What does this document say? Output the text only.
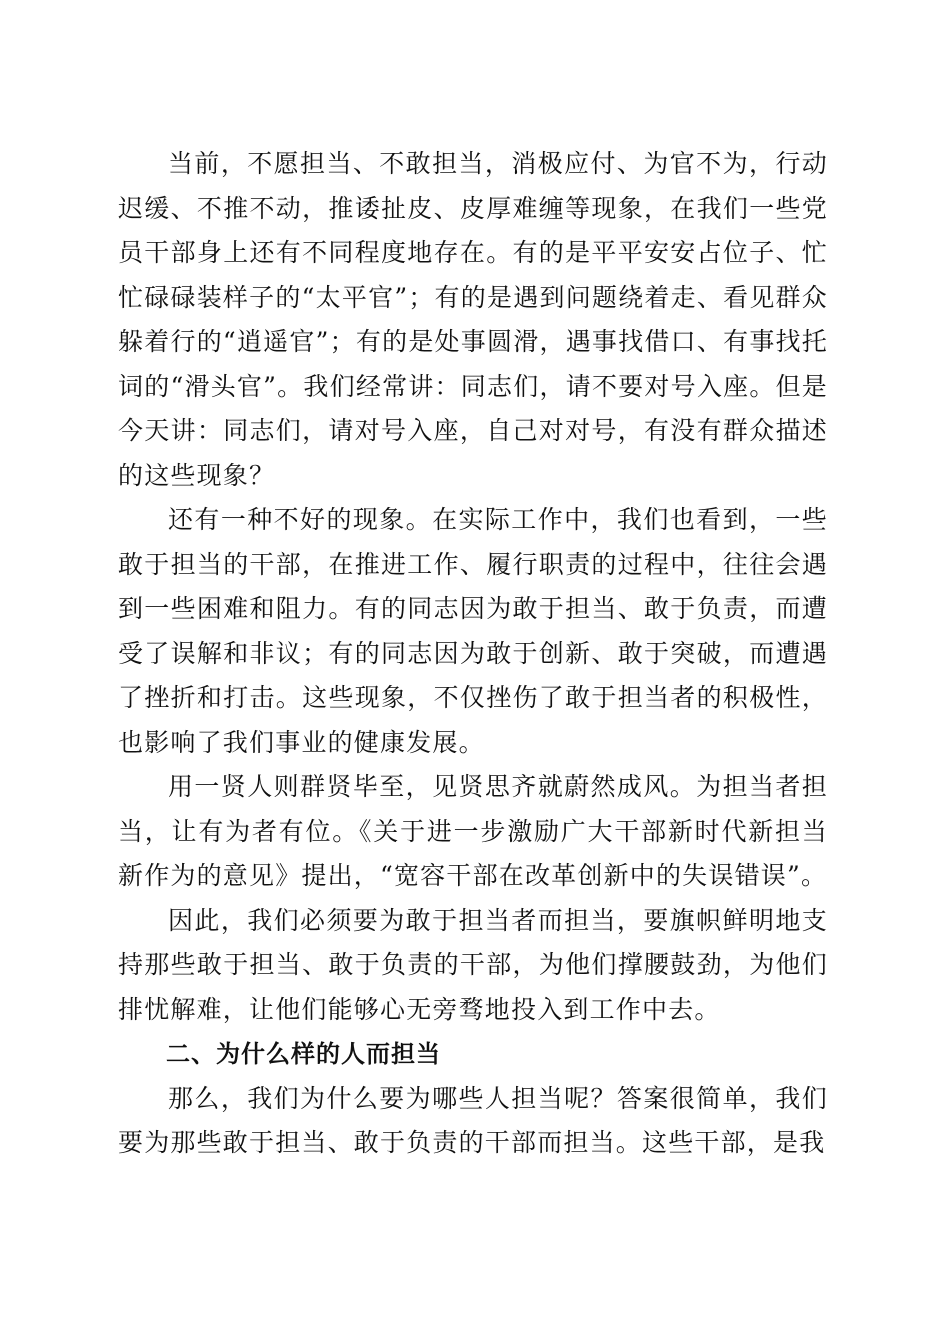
当前，不愿担当、不敢担当，消极应付、为官不为，行动迟缓、不推不动，推诿扯皮、皮厚难缠等现象，在我们一些党员干部身上还有不同程度地存在。有的是平平安安占位子、忙忙碌碌装样子的“太平官”；有的是遇到问题绕着走、看见群众躲着行的“逍遥官”；有的是处事圆滑，遇事找借口、有事找托词的“滑头官”。我们经常讲：同志们，请不要对号入座。但是今天讲：同志们，请对号入座，自己对对号，有没有群众描述的这些现象？

还有一种不好的现象。在实际工作中，我们也看到，一些敢于担当的干部，在推进工作、履行职责的过程中，往往会遇到一些困难和阻力。有的同志因为敢于担当、敢于负责，而遭受了误解和非议；有的同志因为敢于创新、敢于突破，而遭遇了挫折和打击。这些现象，不仅挫伤了敢于担当者的积极性，也影响了我们事业的健康发展。

用一贤人则群贤毕至，见贤思齐就蔚然成风。为担当者担当，让有为者有位。《关于进一步激励广大干部新时代新担当新作为的意见》提出，“宽容干部在改革创新中的失误错误”。

因此，我们必须要为敢于担当者而担当，要旗帜鲜明地支持那些敢于担当、敢于负责的干部，为他们撑腰鼓劲，为他们排忧解难，让他们能够心无旁骛地投入到工作中去。

二、为什么样的人而担当

那么，我们为什么要为哪些人担当呢？答案很简单，我们要为那些敢于担当、敢于负责的干部而担当。这些干部，是我
